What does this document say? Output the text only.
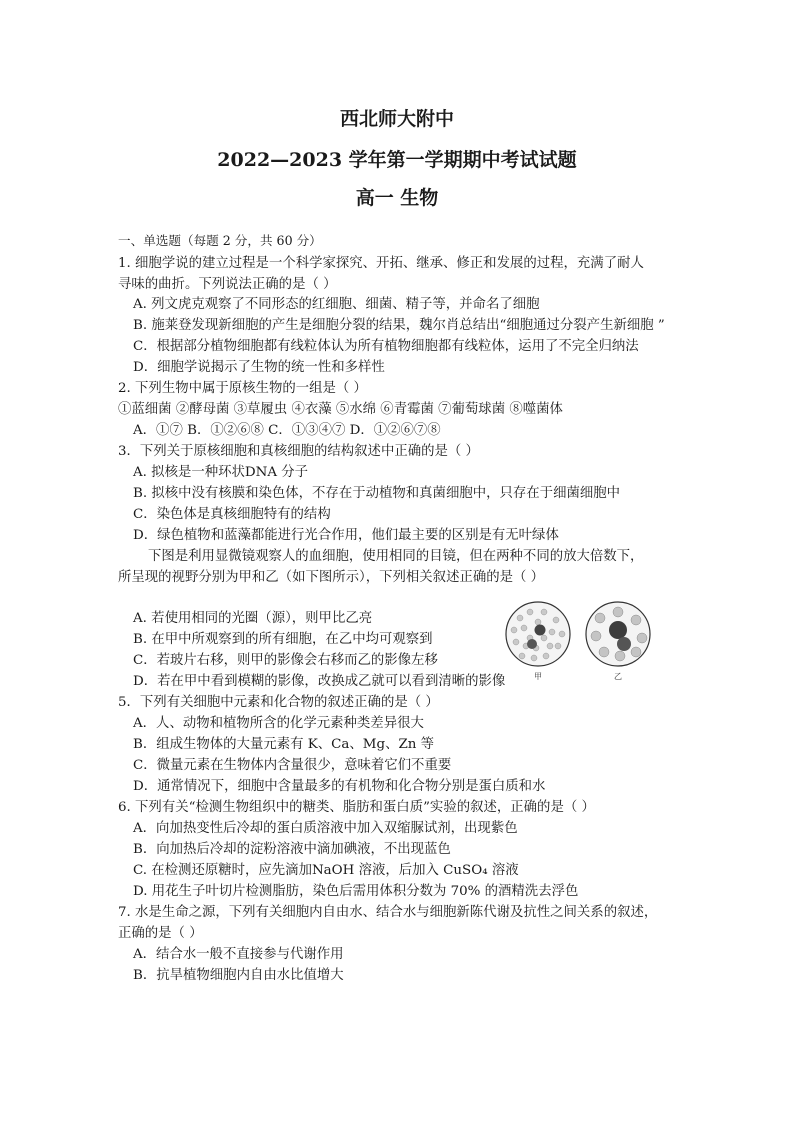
西北师大附中
2022—2023 学年第一学期期中考试试题
高一 生物
一、单选题（每题 2 分，共 60 分）
1. 细胞学说的建立过程是一个科学家探究、开拓、继承、修正和发展的过程，充满了耐人
寻味的曲折。下列说法正确的是（ ）
A. 列文虎克观察了不同形态的红细胞、细菌、精子等，并命名了细胞
B. 施莱登发现新细胞的产生是细胞分裂的结果，魏尔肖总结出“细胞通过分裂产生新细胞 ”
C．根据部分植物细胞都有线粒体认为所有植物细胞都有线粒体，运用了不完全归纳法
D．细胞学说揭示了生物的统一性和多样性
2. 下列生物中属于原核生物的一组是（ ）
①蓝细菌 ②酵母菌 ③草履虫 ④衣藻 ⑤水绵 ⑥青霉菌 ⑦葡萄球菌 ⑧噬菌体
A．①⑦ B．①②⑥⑧ C．①③④⑦ D．①②⑥⑦⑧
3．下列关于原核细胞和真核细胞的结构叙述中正确的是（ ）
A. 拟核是一种环状DNA 分子
B. 拟核中没有核膜和染色体，不存在于动植物和真菌细胞中，只存在于细菌细胞中
C．染色体是真核细胞特有的结构
D．绿色植物和蓝藻都能进行光合作用，他们最主要的区别是有无叶绿体
下图是利用显微镜观察人的血细胞，使用相同的目镜，但在两种不同的放大倍数下，
所呈现的视野分别为甲和乙（如下图所示），下列相关叙述正确的是（ ）
A. 若使用相同的光圈（源），则甲比乙亮
B. 在甲中所观察到的所有细胞，在乙中均可观察到
C．若玻片右移，则甲的影像会右移而乙的影像左移
D．若在甲中看到模糊的影像，改换成乙就可以看到清晰的影像	甲	乙
5．下列有关细胞中元素和化合物的叙述正确的是（ ）
A．人、动物和植物所含的化学元素种类差异很大
B．组成生物体的大量元素有 K、Ca、Mg、Zn 等
C．微量元素在生物体内含量很少，意味着它们不重要
D．通常情况下，细胞中含量最多的有机物和化合物分别是蛋白质和水
6. 下列有关“检测生物组织中的糖类、脂肪和蛋白质”实验的叙述，正确的是（ ）
A．向加热变性后冷却的蛋白质溶液中加入双缩脲试剂，出现紫色
B．向加热后冷却的淀粉溶液中滴加碘液，不出现蓝色
C. 在检测还原糖时，应先滴加NaOH 溶液，后加入 CuSO₄ 溶液
D. 用花生子叶切片检测脂肪，染色后需用体积分数为 70% 的酒精洗去浮色
7. 水是生命之源，下列有关细胞内自由水、结合水与细胞新陈代谢及抗性之间关系的叙述，
正确的是（ ）
A．结合水一般不直接参与代谢作用
B．抗旱植物细胞内自由水比值增大
